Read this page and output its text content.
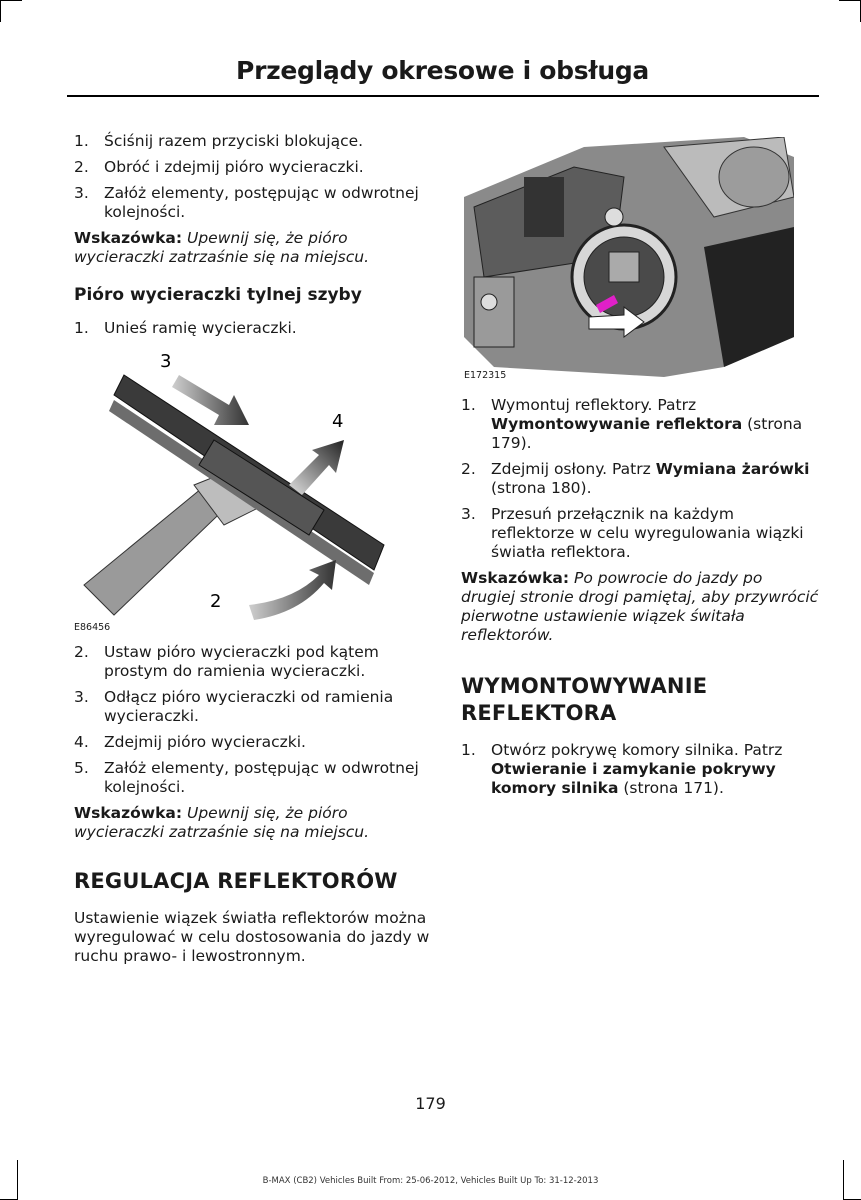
Przeglądy okresowe i obsługa
1. Ściśnij razem przyciski blokujące.
2. Obróć i zdejmij pióro wycieraczki.
3. Załóż elementy, postępując w odwrotnej kolejności.

Wskazówka: Upewnij się, że pióro wycieraczki zatrzaśnie się na miejscu.

Pióro wycieraczki tylnej szyby
1. Unieś ramię wycieraczki.
3
4
2
E86456
2. Ustaw pióro wycieraczki pod kątem prostym do ramienia wycieraczki.
3. Odłącz pióro wycieraczki od ramienia wycieraczki.
4. Zdejmij pióro wycieraczki.
5. Załóż elementy, postępując w odwrotnej kolejności.

Wskazówka: Upewnij się, że pióro wycieraczki zatrzaśnie się na miejscu.

REGULACJA REFLEKTORÓW

Ustawienie wiązek światła reflektorów można wyregulować w celu dostosowania do jazdy w ruchu prawo- i lewostronnym.

E172315
1. Wymontuj reflektory. Patrz Wymontowywanie reflektora (strona 179).
2. Zdejmij osłony. Patrz Wymiana żarówki (strona 180).
3. Przesuń przełącznik na każdym reflektorze w celu wyregulowania wiązki światła reflektora.

Wskazówka: Po powrocie do jazdy po drugiej stronie drogi pamiętaj, aby przywrócić pierwotne ustawienie wiązek świtała reflektorów.

WYMONTOWYWANIE REFLEKTORA
1. Otwórz pokrywę komory silnika. Patrz Otwieranie i zamykanie pokrywy komory silnika (strona 171).
179
B-MAX (CB2) Vehicles Built From: 25-06-2012, Vehicles Built Up To: 31-12-2013
